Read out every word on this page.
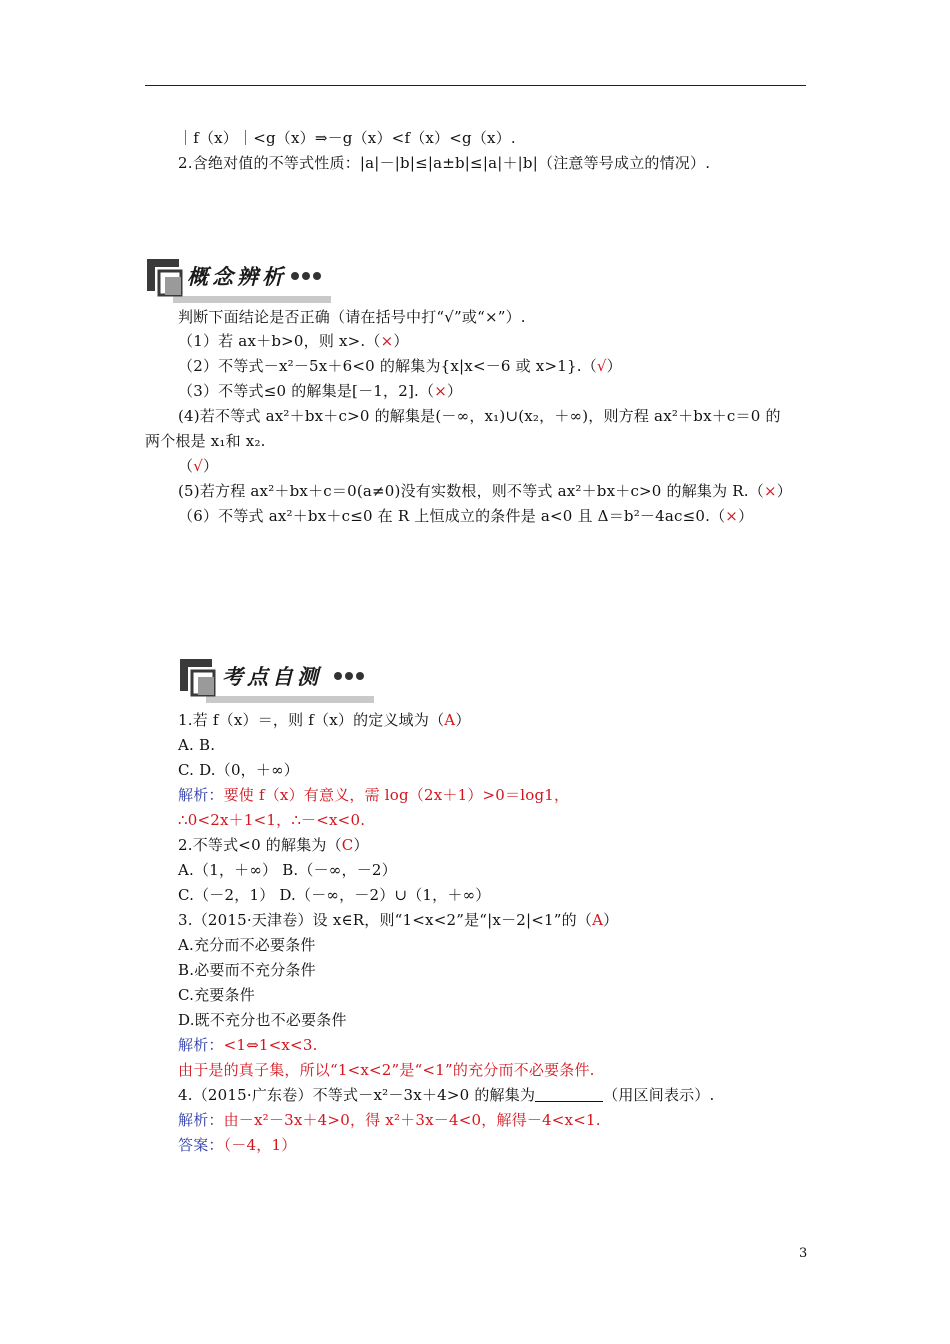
｜f（x）｜<g（x）⇒－g（x）<f（x）<g（x）.
2.含绝对值的不等式性质：|a|－|b|≤|a±b|≤|a|＋|b|（注意等号成立的情况）.
概念辨析
判断下面结论是否正确（请在括号中打“√”或“×”）.
（1）若 ax＋b>0，则 x>.（×）
（2）不等式－x²－5x＋6<0 的解集为{x|x<－6 或 x>1}.（√）
（3）不等式≤0 的解集是[－1，2].（×）
(4)若不等式 ax²＋bx＋c>0 的解集是(－∞，x₁)∪(x₂，＋∞)，则方程 ax²＋bx＋c＝0 的
两个根是 x₁和 x₂.
（√）
(5)若方程 ax²＋bx＋c＝0(a≠0)没有实数根，则不等式 ax²＋bx＋c>0 的解集为 R.（×）
（6）不等式 ax²＋bx＋c≤0 在 R 上恒成立的条件是 a<0 且 Δ＝b²－4ac≤0.（×）
考点自测
1.若 f（x）＝，则 f（x）的定义域为（A）
A. B.
C. D.（0，＋∞）
解析：要使 f（x）有意义，需 log（2x＋1）>0＝log1，
∴0<2x＋1<1，∴－<x<0.
2.不等式<0 的解集为（C）
A.（1，＋∞） B.（－∞，－2）
C.（－2，1） D.（－∞，－2）∪（1，＋∞）
3.（2015·天津卷）设 x∈R，则“1<x<2”是“|x－2|<1”的（A）
A.充分而不必要条件
B.必要而不充分条件
C.充要条件
D.既不充分也不必要条件
解析：<1⇔1<x<3.
由于是的真子集，所以“1<x<2”是“<1”的充分而不必要条件.
4.（2015·广东卷）不等式－x²－3x＋4>0 的解集为	（用区间表示）.
解析：由－x²－3x＋4>0，得 x²＋3x－4<0，解得－4<x<1.
答案：（－4，1）
3
